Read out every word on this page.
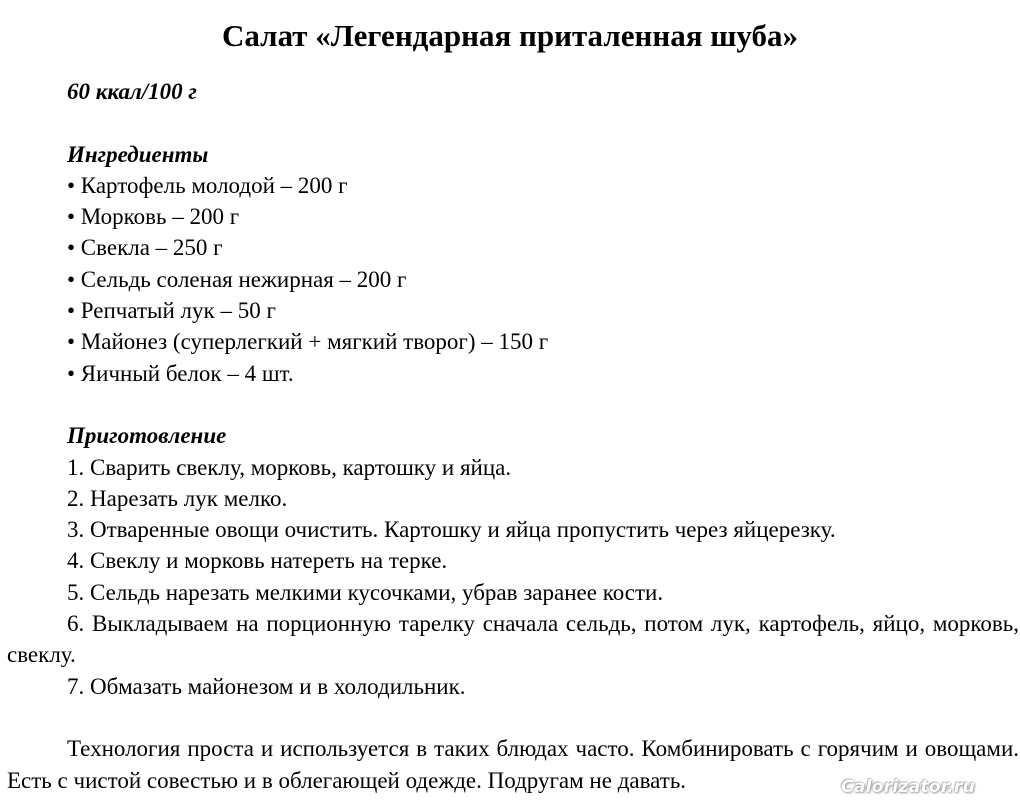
Салат «Легендарная приталенная шуба»

60 ккал/100 г

Ингредиенты

• Картофель молодой – 200 г

• Морковь – 200 г

• Свекла – 250 г

• Сельдь соленая нежирная – 200 г

• Репчатый лук – 50 г

• Майонез (суперлегкий + мягкий творог) – 150 г

• Яичный белок – 4 шт.

Приготовление

1. Сварить свеклу, морковь, картошку и яйца.

2. Нарезать лук мелко.

3. Отваренные овощи очистить. Картошку и яйца пропустить через яйцерезку.

4. Свеклу и морковь натереть на терке.

5. Сельдь нарезать мелкими кусочками, убрав заранее кости.

6. Выкладываем на порционную тарелку сначала сельдь, потом лук, картофель, яйцо, морковь, свеклу.

7. Обмазать майонезом и в холодильник.

Технология проста и используется в таких блюдах часто. Комбинировать с горячим и овощами. Есть с чистой совестью и в облегающей одежде. Подругам не давать.	Calorizator.ru
